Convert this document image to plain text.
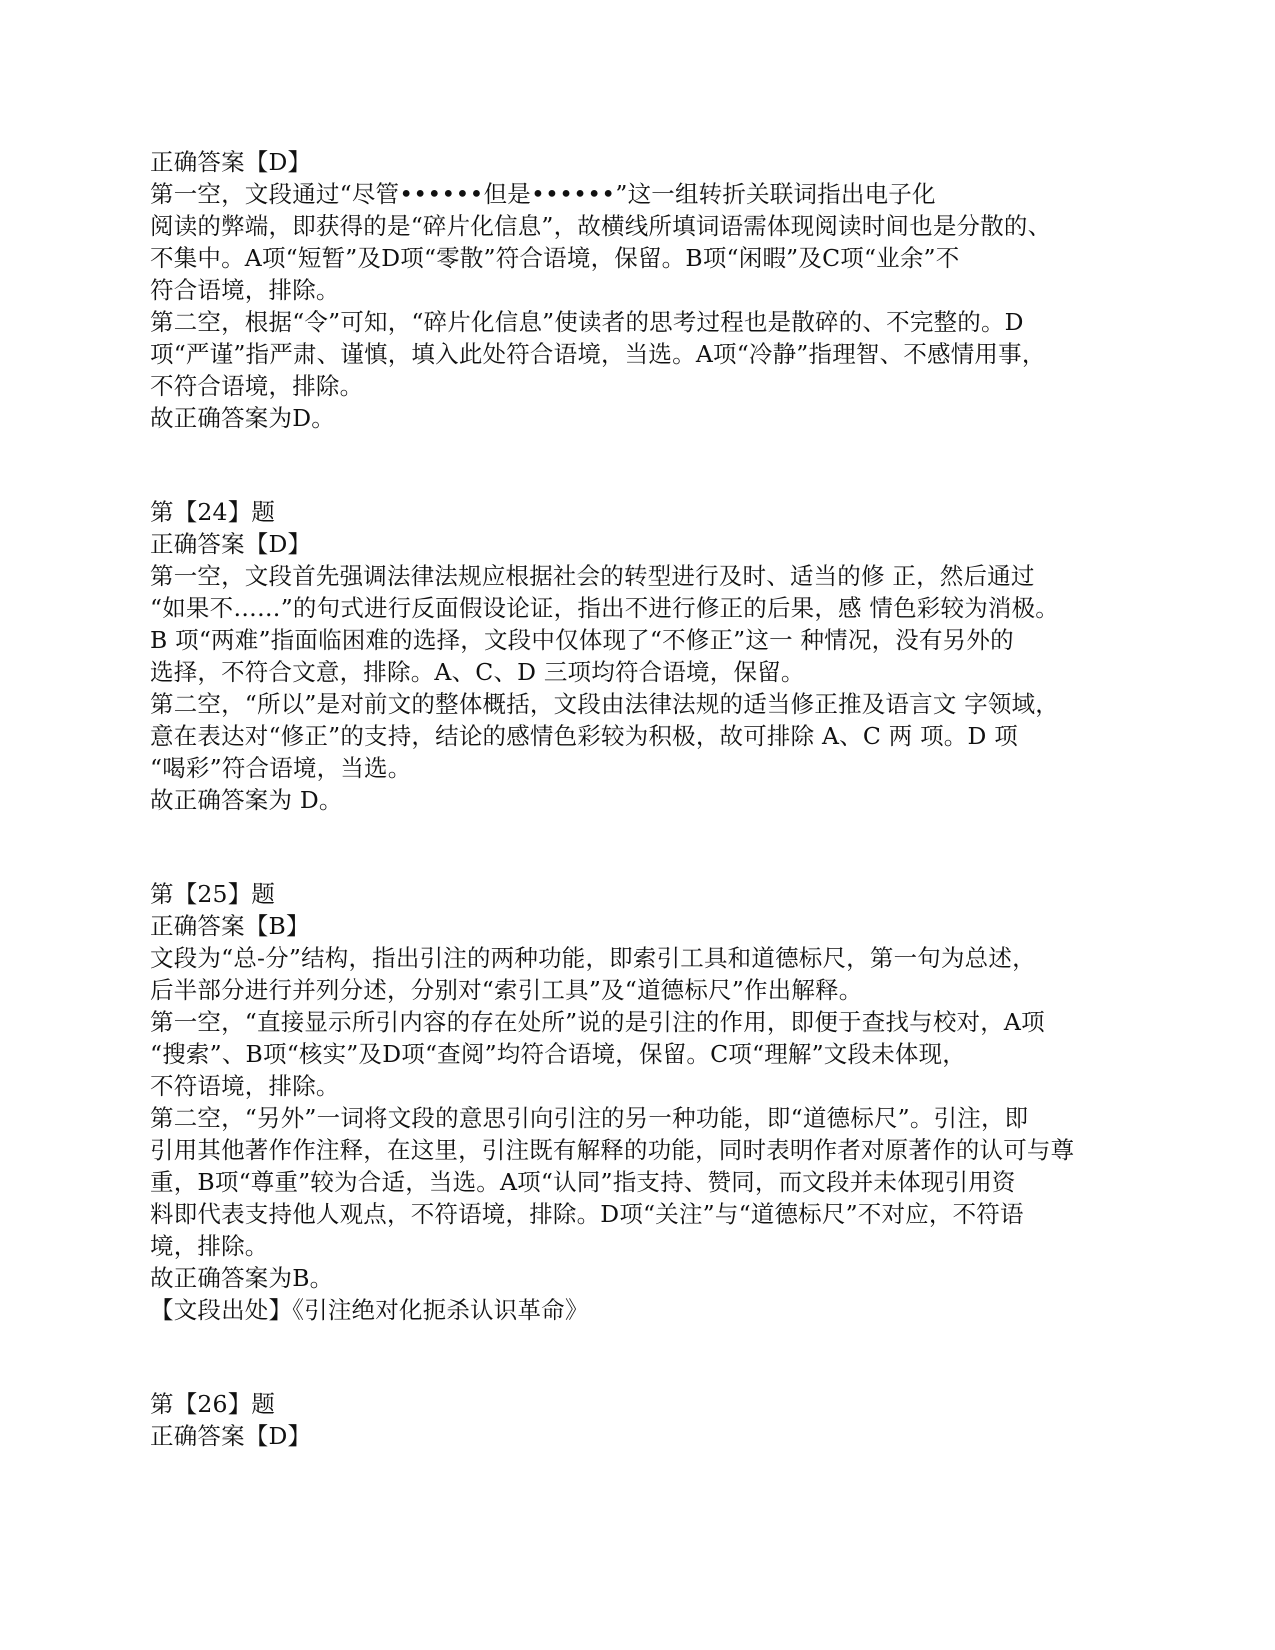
正确答案【D】
第一空，文段通过“尽管••••••但是••••••”这一组转折关联词指出电子化
阅读的弊端，即获得的是“碎片化信息”，故横线所填词语需体现阅读时间也是分散的、
不集中。A项“短暂”及D项“零散”符合语境，保留。B项“闲暇”及C项“业余”不
符合语境，排除。
第二空，根据“令”可知，“碎片化信息”使读者的思考过程也是散碎的、不完整的。D
项“严谨”指严肃、谨慎，填入此处符合语境，当选。A项“冷静”指理智、不感情用事，
不符合语境，排除。
故正确答案为D。
第【24】题
正确答案【D】
第一空，文段首先强调法律法规应根据社会的转型进行及时、适当的修 正，然后通过
“如果不……”的句式进行反面假设论证，指出不进行修正的后果，感 情色彩较为消极。
B 项“两难”指面临困难的选择，文段中仅体现了“不修正”这一 种情况，没有另外的
选择，不符合文意，排除。A、C、D 三项均符合语境，保留。
第二空，“所以”是对前文的整体概括，文段由法律法规的适当修正推及语言文 字领域，
意在表达对“修正”的支持，结论的感情色彩较为积极，故可排除 A、C 两 项。D 项
“喝彩”符合语境，当选。
故正确答案为 D。
第【25】题
正确答案【B】
文段为“总-分”结构，指出引注的两种功能，即索引工具和道德标尺，第一句为总述，
后半部分进行并列分述，分别对“索引工具”及“道德标尺”作出解释。
第一空，“直接显示所引内容的存在处所”说的是引注的作用，即便于查找与校对，A项
“搜索”、B项“核实”及D项“查阅”均符合语境，保留。C项“理解”文段未体现，
不符语境，排除。
第二空，“另外”一词将文段的意思引向引注的另一种功能，即“道德标尺”。引注，即
引用其他著作作注释，在这里，引注既有解释的功能，同时表明作者对原著作的认可与尊
重，B项“尊重”较为合适，当选。A项“认同”指支持、赞同，而文段并未体现引用资
料即代表支持他人观点，不符语境，排除。D项“关注”与“道德标尺”不对应，不符语
境，排除。
故正确答案为B。
【文段出处】《引注绝对化扼杀认识革命》
第【26】题
正确答案【D】
